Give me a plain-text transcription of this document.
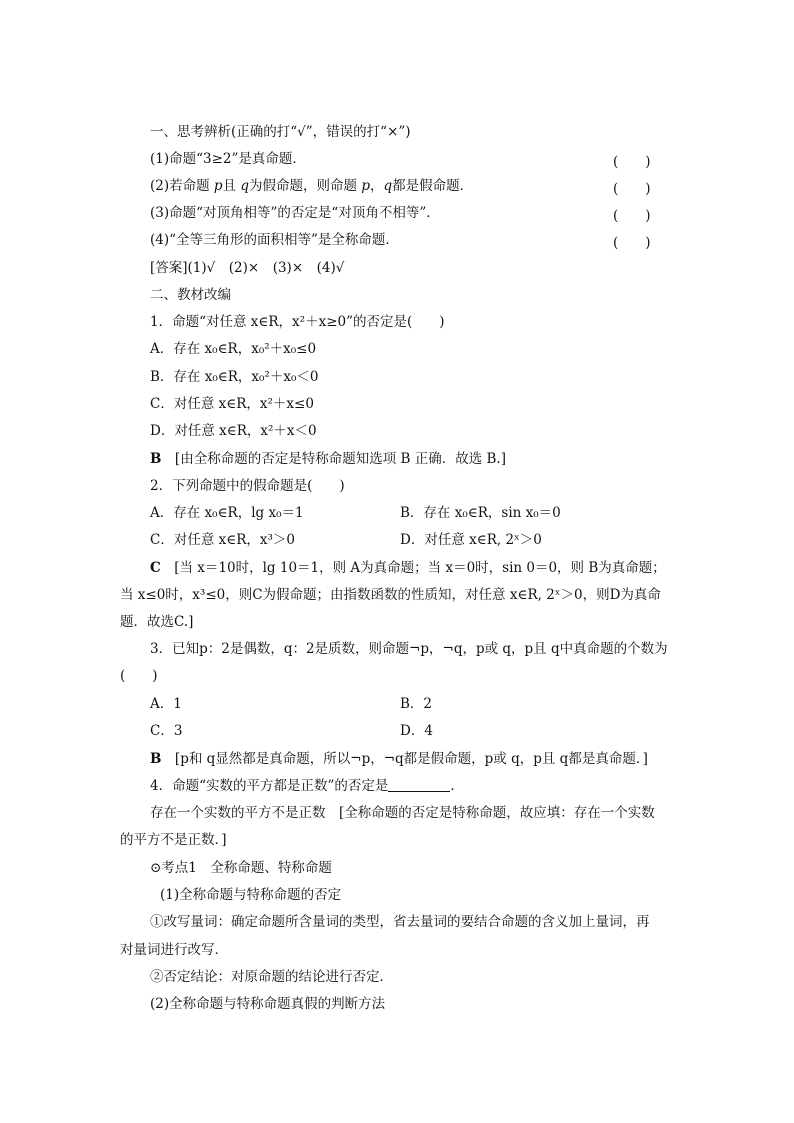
一、思考辨析(正确的打“√”，错误的打“×”)
(1)命题“3≥2”是真命题．	(　　)
(2)若命题 p且 q为假命题，则命题 p，q都是假命题．	(　　)
(3)命题“对顶角相等”的否定是“对顶角不相等”．	(　　)
(4)“全等三角形的面积相等”是全称命题．	(　　)
[答案](1)√　(2)×　(3)×　(4)√
二、教材改编
1．命题“对任意 x∈R，x²＋x≥0”的否定是(　　)
A．存在 x₀∈R，x₀²＋x₀≤0
B．存在 x₀∈R，x₀²＋x₀＜0
C．对任意 x∈R，x²＋x≤0
D．对任意 x∈R，x²＋x＜0
B　 [由全称命题的否定是特称命题知选项 B 正确．故选 B.]
2．下列命题中的假命题是(　　)
A．存在 x₀∈R，lg x₀＝1	B．存在 x₀∈R，sin x₀＝0
C．对任意 x∈R，x³＞0	D．对任意 x∈R, 2ˣ＞0
C　 [当 x＝10时，lg 10＝1，则 A为真命题；当 x＝0时，sin 0＝0，则 B为真命题；
当 x≤0时，x³≤0，则C为假命题；由指数函数的性质知，对任意 x∈R, 2ˣ＞0，则D为真命
题．故选C.]
3．已知p：2是偶数，q：2是质数，则命题¬p，¬q，p或 q，p且 q中真命题的个数为
(　　)
A．1	B．2
C．3	D．4
B　 [p和 q显然都是真命题，所以¬p，¬q都是假命题，p或 q，p且 q都是真命题．]
4．命题“实数的平方都是正数”的否定是	．
存在一个实数的平方不是正数　[全称命题的否定是特称命题，故应填：存在一个实数
的平方不是正数．]
⊙考点1　全称命题、特称命题
(1)全称命题与特称命题的否定
①改写量词：确定命题所含量词的类型，省去量词的要结合命题的含义加上量词，再
对量词进行改写．
②否定结论：对原命题的结论进行否定．
(2)全称命题与特称命题真假的判断方法
